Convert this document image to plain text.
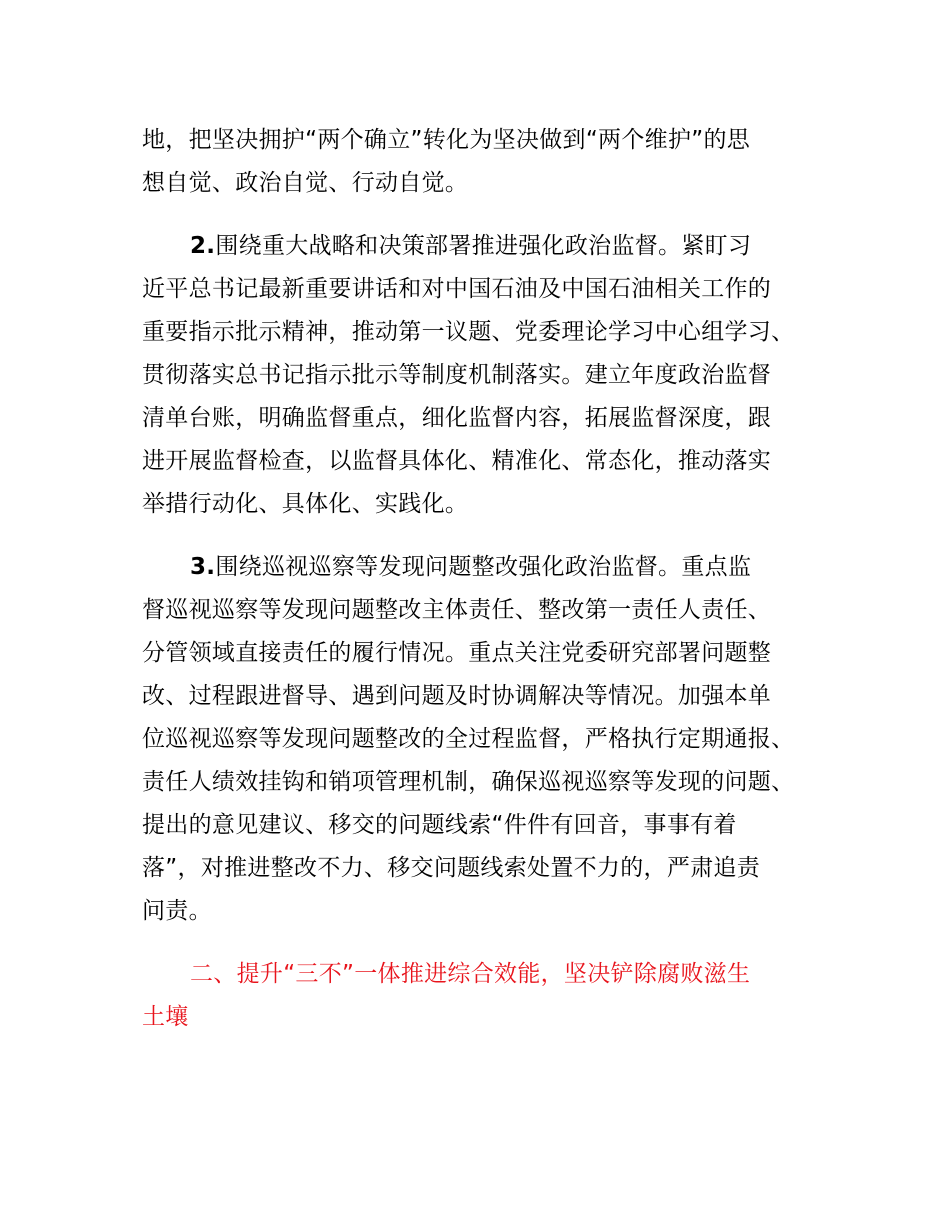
地，把坚决拥护“两个确立”转化为坚决做到“两个维护”的思
想自觉、政治自觉、行动自觉。
2.围绕重大战略和决策部署推进强化政治监督。紧盯习
近平总书记最新重要讲话和对中国石油及中国石油相关工作的
重要指示批示精神，推动第一议题、党委理论学习中心组学习、
贯彻落实总书记指示批示等制度机制落实。建立年度政治监督
清单台账，明确监督重点，细化监督内容，拓展监督深度，跟
进开展监督检查，以监督具体化、精准化、常态化，推动落实
举措行动化、具体化、实践化。
3.围绕巡视巡察等发现问题整改强化政治监督。重点监
督巡视巡察等发现问题整改主体责任、整改第一责任人责任、
分管领域直接责任的履行情况。重点关注党委研究部署问题整
改、过程跟进督导、遇到问题及时协调解决等情况。加强本单
位巡视巡察等发现问题整改的全过程监督，严格执行定期通报、
责任人绩效挂钩和销项管理机制，确保巡视巡察等发现的问题、
提出的意见建议、移交的问题线索“件件有回音，事事有着
落”，对推进整改不力、移交问题线索处置不力的，严肃追责
问责。
二、提升“三不”一体推进综合效能，坚决铲除腐败滋生
土壤
